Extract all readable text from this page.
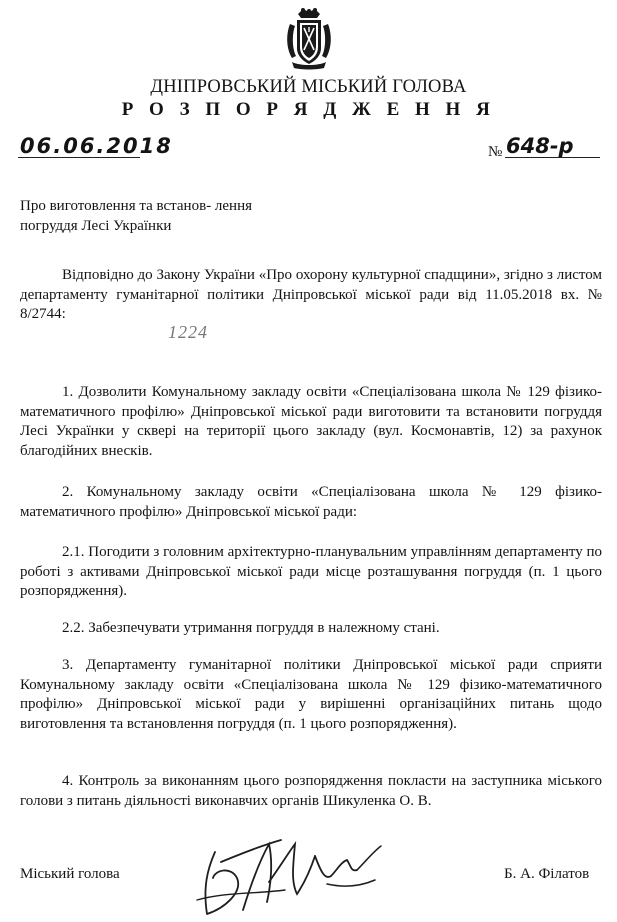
ДНІПРОВСЬКИЙ МІСЬКИЙ ГОЛОВА
Р О З П О Р Я Д Ж Е Н Н Я
06.06.2018	№ 648-р
Про виготовлення та встанов- лення погруддя Лесі Українки
Відповідно до Закону України «Про охорону культурної спадщини», згідно з листом департаменту гуманітарної політики Дніпровської міської ради від 11.05.2018 вх. № 8/2744:
1224
1. Дозволити Комунальному закладу освіти «Спеціалізована школа № 129 фізико-математичного профілю» Дніпровської міської ради виготовити та встановити погруддя Лесі Українки у сквері на території цього закладу (вул. Космонавтів, 12) за рахунок благодійних внесків.
2. Комунальному закладу освіти «Спеціалізована школа № 129 фізико-математичного профілю» Дніпровської міської ради:
2.1. Погодити з головним архітектурно-планувальним управлінням департаменту по роботі з активами Дніпровської міської ради місце розташування погруддя (п. 1 цього розпорядження).
2.2. Забезпечувати утримання погруддя в належному стані.
3. Департаменту гуманітарної політики Дніпровської міської ради сприяти Комунальному закладу освіти «Спеціалізована школа № 129 фізико-математичного профілю» Дніпровської міської ради у вирішенні організаційних питань щодо виготовлення та встановлення погруддя (п. 1 цього розпорядження).
4. Контроль за виконанням цього розпорядження покласти на заступника міського голови з питань діяльності виконавчих органів Шикуленка О. В.
Міський голова	Б. А. Філатов
